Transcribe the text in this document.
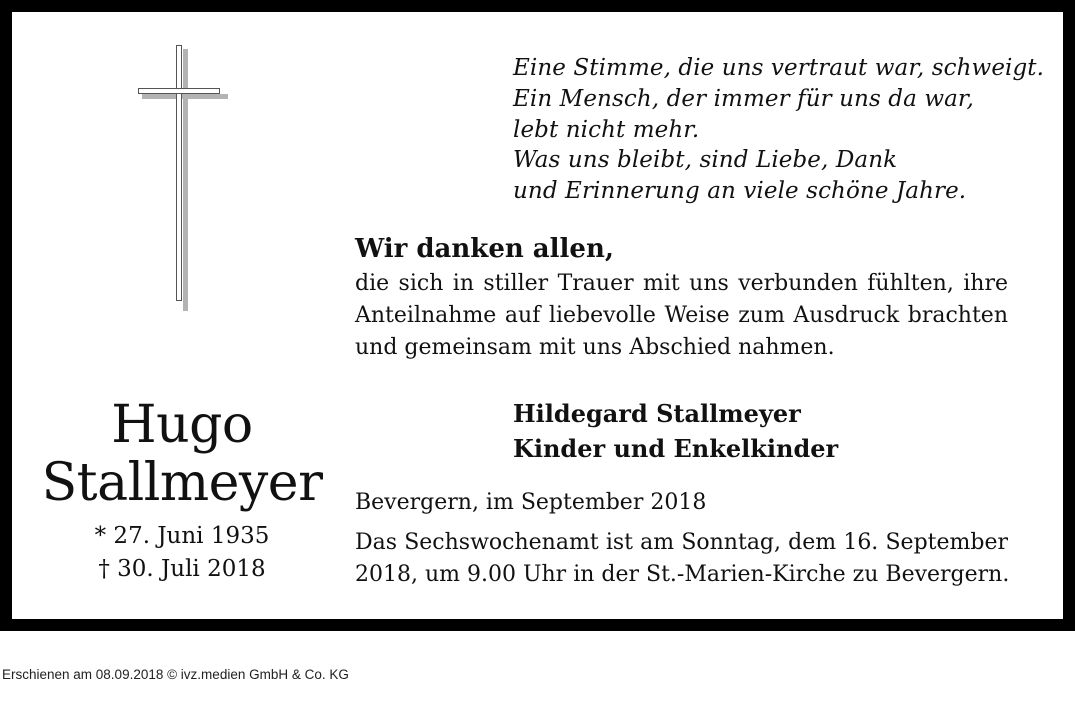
Eine Stimme, die uns vertraut war, schweigt.
Ein Mensch, der immer für uns da war,
lebt nicht mehr.
Was uns bleibt, sind Liebe, Dank
und Erinnerung an viele schöne Jahre.
Wir danken allen,
die sich in stiller Trauer mit uns verbunden fühlten, ihre
Anteilnahme auf liebevolle Weise zum Ausdruck brachten
und gemeinsam mit uns Abschied nahmen.
Hildegard Stallmeyer
Kinder und Enkelkinder
Bevergern, im September 2018
Das Sechswochenamt ist am Sonntag, dem 16. September
2018, um 9.00 Uhr in der St.-Marien-Kirche zu Bevergern.
Hugo
Stallmeyer
* 27. Juni 1935
† 30. Juli 2018
Erschienen am 08.09.2018 © ivz.medien GmbH & Co. KG
